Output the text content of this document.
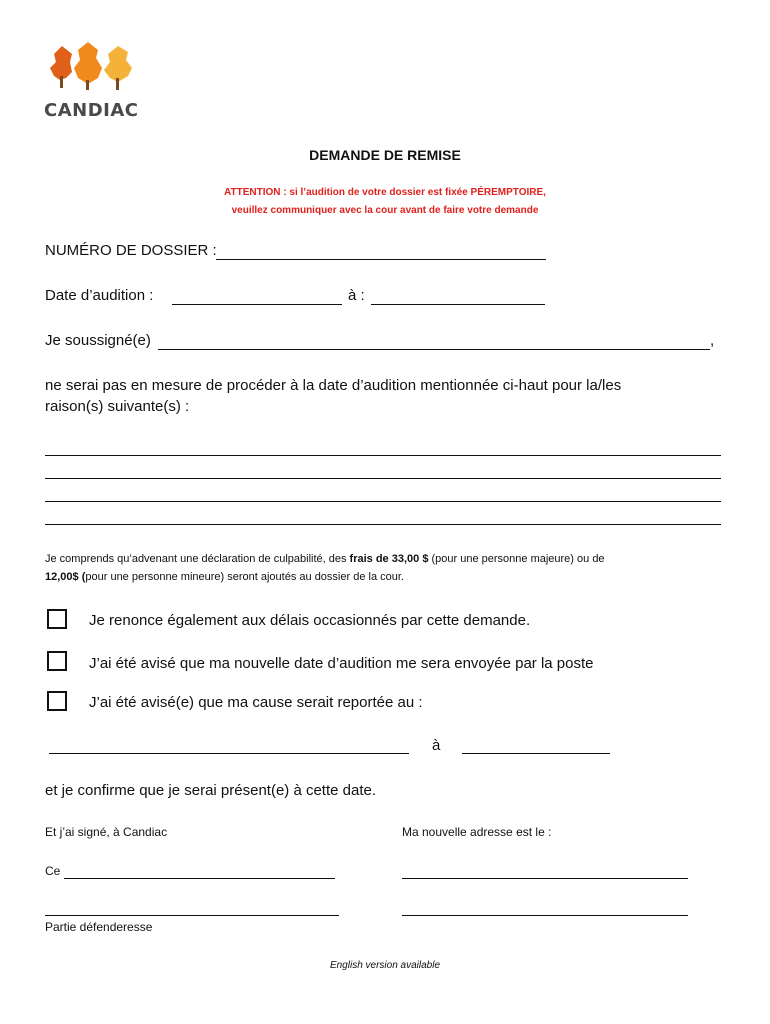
CANDIAC
DEMANDE DE REMISE
ATTENTION : si l’audition de votre dossier est fixée PÉREMPTOIRE,
veuillez communiquer avec la cour avant de faire votre demande
NUMÉRO DE DOSSIER :
Date d’audition :	à :
Je soussigné(e)	,
ne serai pas en mesure de procéder à la date d’audition mentionnée ci-haut pour la/les
raison(s) suivante(s) :
Je comprends qu’advenant une déclaration de culpabilité, des frais de 33,00 $ (pour une personne majeure) ou de
12,00$ (pour une personne mineure) seront ajoutés au dossier de la cour.
Je renonce également aux délais occasionnés par cette demande.
J’ai été avisé que ma nouvelle date d’audition me sera envoyée par la poste
J’ai été avisé(e) que ma cause serait reportée au :
à
et je confirme que je serai présent(e) à cette date.
Et j’ai signé, à Candiac	Ma nouvelle adresse est le :
Ce
Partie défenderesse
English version available
